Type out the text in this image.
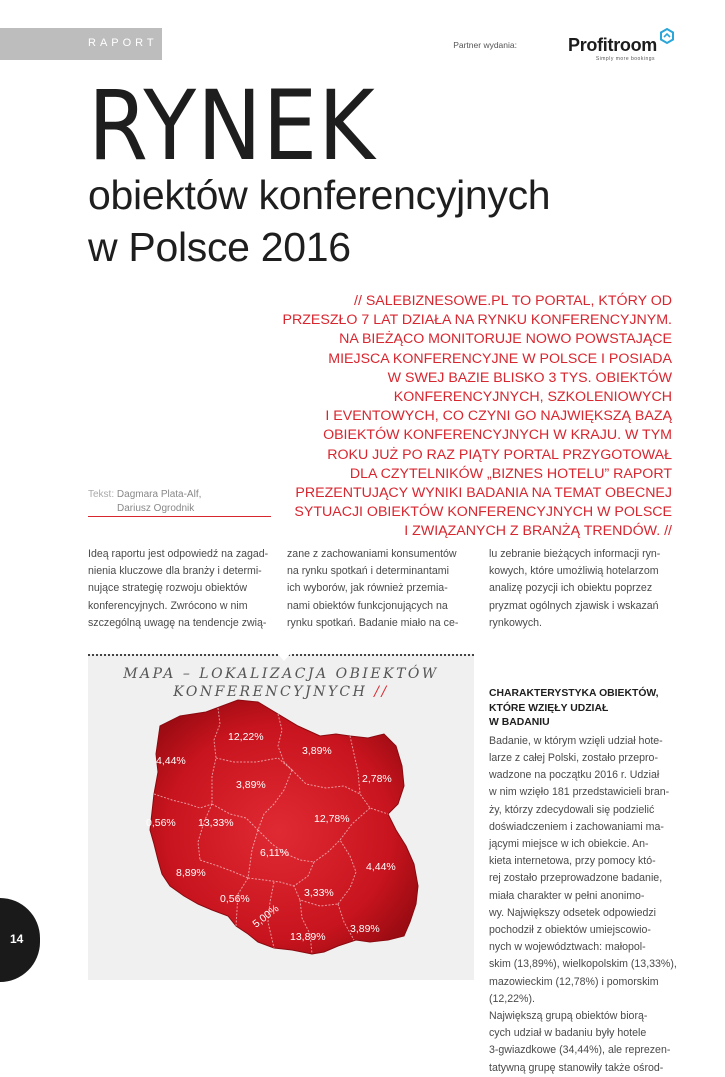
RAPORT	Partner wydania:	Profitroom
Simply more bookings
RYNEK
obiektów konferencyjnych
w Polsce 2016

// SALEBIZNESOWE.PL TO PORTAL, KTÓRY OD

PRZESZŁO 7 LAT DZIAŁA NA RYNKU KONFERENCYJNYM.

NA BIEŻĄCO MONITORUJE NOWO POWSTAJĄCE

MIEJSCA KONFERENCYJNE W POLSCE I POSIADA

W SWEJ BAZIE BLISKO 3 TYS. OBIEKTÓW

KONFERENCYJNYCH, SZKOLENIOWYCH

I EVENTOWYCH, CO CZYNI GO NAJWIĘKSZĄ BAZĄ

OBIEKTÓW KONFERENCYJNYCH W KRAJU. W TYM

ROKU JUŻ PO RAZ PIĄTY PORTAL PRZYGOTOWAŁ

DLA CZYTELNIKÓW „BIZNES HOTELU” RAPORT

PREZENTUJĄCY WYNIKI BADANIA NA TEMAT OBECNEJ

SYTUACJI OBIEKTÓW KONFERENCYJNYCH W POLSCE

I ZWIĄZANYCH Z BRANŻĄ TRENDÓW. //

Tekst: Dagmara Plata-Alf,
Dariusz Ogrodnik

Ideą raportu jest odpowiedź na zagad-

nienia kluczowe dla branży i determi-

nujące strategię rozwoju obiektów

konferencyjnych. Zwrócono w nim

szczególną uwagę na tendencje zwią-

zane z zachowaniami konsumentów

na rynku spotkań i determinantami

ich wyborów, jak również przemia-

nami obiektów funkcjonujących na

rynku spotkań. Badanie miało na ce-

lu zebranie bieżących informacji ryn-

kowych, które umożliwią hotelarzom

analizę pozycji ich obiektu poprzez

pryzmat ogólnych zjawisk i wskazań

rynkowych.

CHARAKTERYSTYKA OBIEKTÓW,
KTÓRE WZIĘŁY UDZIAŁ
W BADANIU

Badanie, w którym wzięli udział hote-

larze z całej Polski, zostało przepro-

wadzone na początku 2016 r. Udział

w nim wzięło 181 przedstawicieli bran-

ży, którzy zdecydowali się podzielić

doświadczeniem i zachowaniami ma-

jącymi miejsce w ich obiekcie. An-

kieta internetowa, przy pomocy któ-

rej zostało przeprowadzone badanie,

miała charakter w pełni anonimo-

wy. Największy odsetek odpowiedzi

pochodził z obiektów umiejscowio-

nych w województwach: małopol-

skim (13,89%), wielkopolskim (13,33%),

mazowieckim (12,78%) i pomorskim

(12,22%).

Największą grupą obiektów biorą-

cych udział w badaniu były hotele

3-gwiazdkowe (34,44%), ale reprezen-

tatywną grupę stanowiły także ośrod-

MAPA – LOKALIZACJA OBIEKTÓW
KONFERENCYJNYCH //
12,22%
4,44%
3,89%
3,89%	2,78%
0,56% 13,33%	12,78%
6,11%
4,44%
8,89%
0,56%	3,33%
5,00%
13,89%
3,89%
14
